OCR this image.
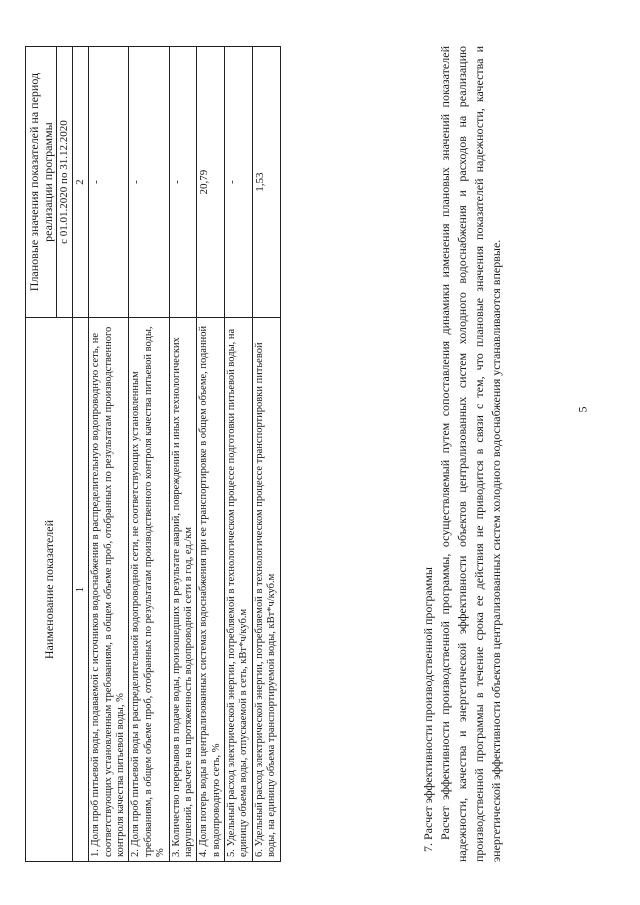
5
Наименование показателей	Плановые значения показателей на период реализации программы
	с 01.01.2020 по 31.12.2020
1	2
1. Доля проб питьевой воды, подаваемой с источников водоснабжения в распределительную водопроводную сеть, не соответствующих установленным требованиям, в общем объеме проб, отобранных по результатам производственного контроля качества питьевой воды, %	-
2. Доля проб питьевой воды в распределительной водопроводной сети, не соответствующих установленным требованиям, в общем объеме проб, отобранных по результатам производственного контроля качества питьевой воды, %	-
3. Количество перерывов в подаче воды, произошедших в результате аварий, повреждений и иных технологических нарушений, в расчете на протяженность водопроводной сети в год, ед./км	-
4. Доля потерь воды в централизованных системах водоснабжения при ее транспортировке в общем объеме, поданной в водопроводную сеть, %	20,79
5. Удельный расход электрической энергии, потребляемой в технологическом процессе подготовки питьевой воды, на единицу объема воды, отпускаемой в сеть, кВт*ч/куб.м	-
6. Удельный расход электрической энергии, потребляемой в технологическом процессе транспортировки питьевой воды, на единицу объема транспортируемой воды, кВт*ч/куб.м	1,53

7. Расчет эффективности производственной программы Расчет эффективности производственной программы, осуществляемый путем сопоставления динамики изменения плановых значений показателей надежности, качества и энергетической эффективности объектов централизованных систем холодного водоснабжения и расходов на реализацию производственной программы в течение срока ее действия не приводится в связи с тем, что плановые значения показателей надежности, качества и энергетической эффективности объектов централизованных систем холодного водоснабжения устанавливаются впервые.
